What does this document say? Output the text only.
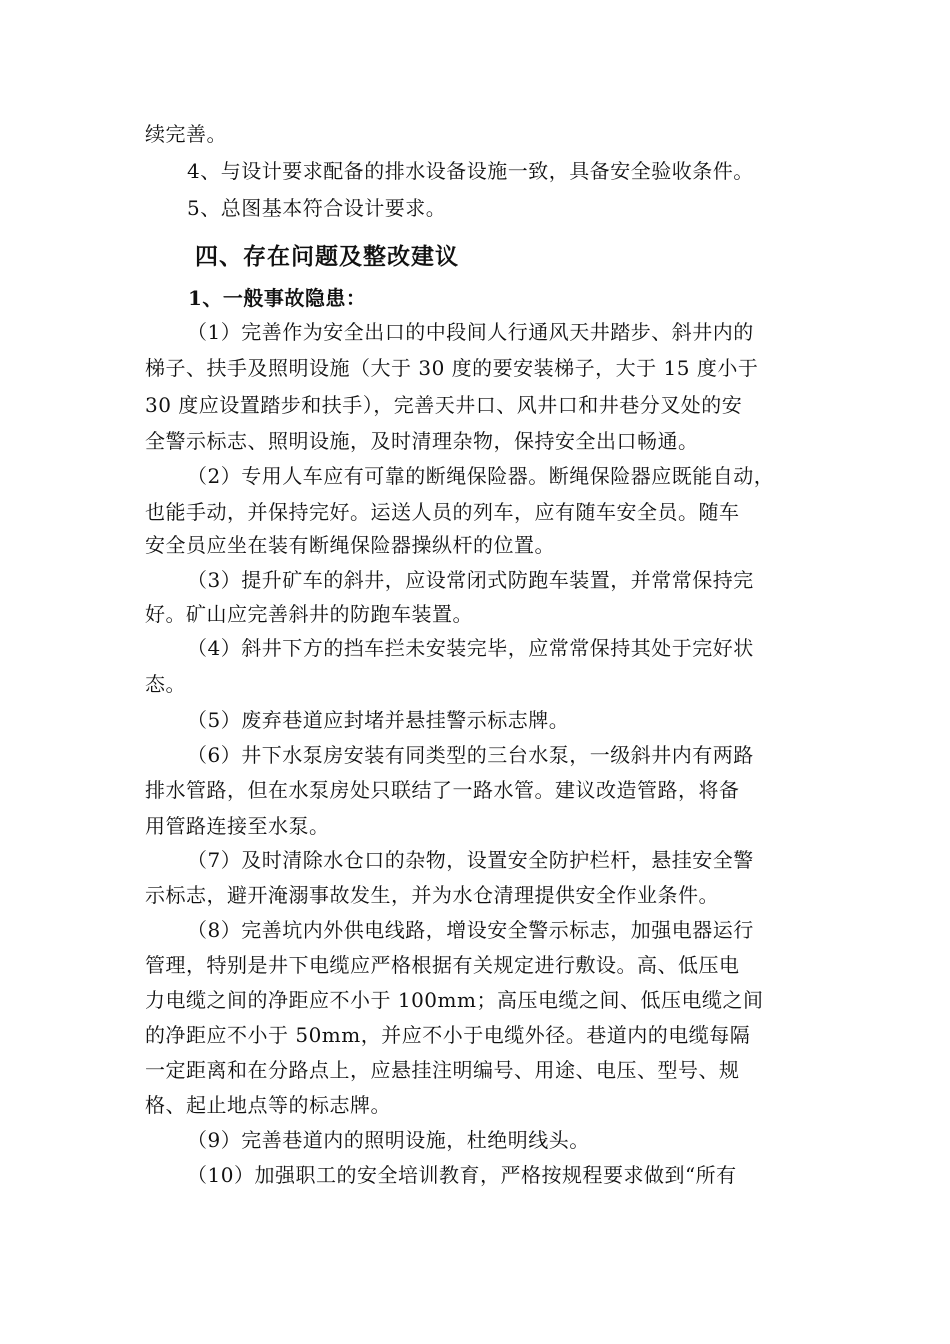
续完善。
4、与设计要求配备的排水设备设施一致，具备安全验收条件。
5、总图基本符合设计要求。
四、存在问题及整改建议
1、一般事故隐患：
（1）完善作为安全出口的中段间人行通风天井踏步、斜井内的
梯子、扶手及照明设施（大于 30 度的要安装梯子，大于 15 度小于
30 度应设置踏步和扶手），完善天井口、风井口和井巷分叉处的安
全警示标志、照明设施，及时清理杂物，保持安全出口畅通。
（2）专用人车应有可靠的断绳保险器。断绳保险器应既能自动，
也能手动，并保持完好。运送人员的列车，应有随车安全员。随车
安全员应坐在装有断绳保险器操纵杆的位置。
（3）提升矿车的斜井，应设常闭式防跑车装置，并常常保持完
好。矿山应完善斜井的防跑车装置。
（4）斜井下方的挡车拦未安装完毕，应常常保持其处于完好状
态。
（5）废弃巷道应封堵并悬挂警示标志牌。
（6）井下水泵房安装有同类型的三台水泵，一级斜井内有两路
排水管路，但在水泵房处只联结了一路水管。建议改造管路，将备
用管路连接至水泵。
（7）及时清除水仓口的杂物，设置安全防护栏杆，悬挂安全警
示标志，避开淹溺事故发生，并为水仓清理提供安全作业条件。
（8）完善坑内外供电线路，增设安全警示标志，加强电器运行
管理，特别是井下电缆应严格根据有关规定进行敷设。高、低压电
力电缆之间的净距应不小于 100mm；高压电缆之间、低压电缆之间
的净距应不小于 50mm，并应不小于电缆外径。巷道内的电缆每隔
一定距离和在分路点上，应悬挂注明编号、用途、电压、型号、规
格、起止地点等的标志牌。
（9）完善巷道内的照明设施，杜绝明线头。
（10）加强职工的安全培训教育，严格按规程要求做到“所有
